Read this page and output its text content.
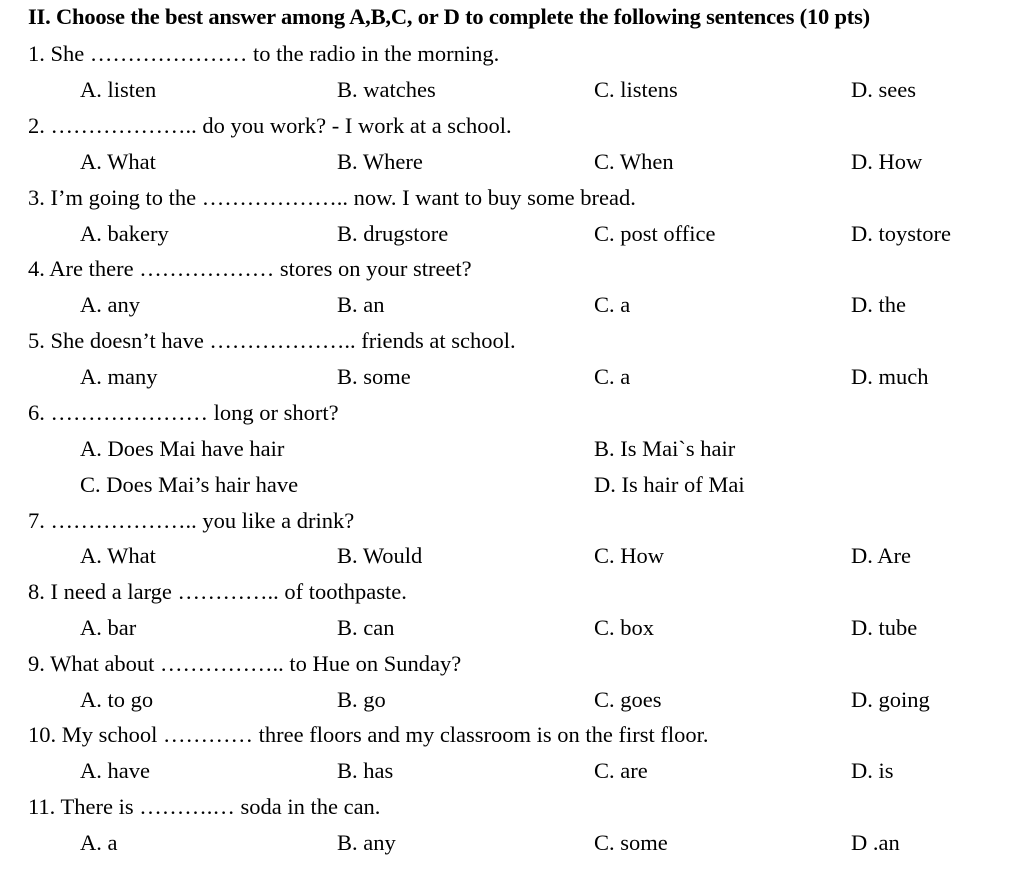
II. Choose the best answer among A,B,C, or D to complete the following sentences (10 pts)
1. She ………………… to the radio in the morning.
A. listen	B. watches	C. listens	D. sees
2. ……………….. do you work? - I work at a school.
A. What	B. Where	C. When	D. How
3. I’m going to the ……………….. now. I want to buy some bread.
A. bakery	B. drugstore	C. post office	D. toystore
4. Are there ……………… stores on your street?
A. any	B. an	C. a	D. the
5. She doesn’t have ……………….. friends at school.
A. many	B. some	C. a	D. much
6. ………………… long or short?
A. Does Mai have hair	B. Is Mai`s hair
C. Does Mai’s hair have	D. Is hair of Mai
7. ……………….. you like a drink?
A. What	B. Would	C. How	D. Are
8. I need a large ………….. of toothpaste.
A. bar	B. can	C. box	D. tube
9. What about …………….. to Hue on Sunday?
A. to go	B. go	C. goes	D. going
10. My school ………… three floors and my classroom is on the first floor.
A. have	B. has	C. are	D. is
11. There is ……….… soda in the can.
A. a	B. any	C. some	D .an
